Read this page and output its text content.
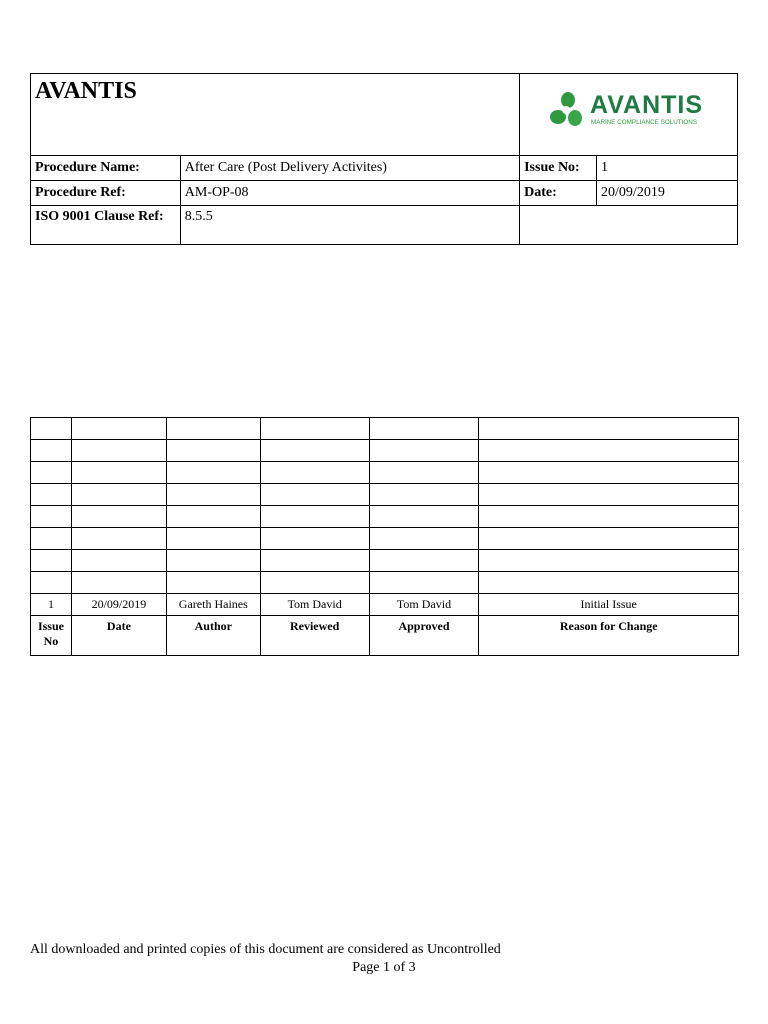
AVANTIS		AVANTIS
MARINE COMPLIANCE SOLUTIONS	

Procedure Name:	After Care (Post Delivery Activites)	Issue No:	1
Procedure Ref:	AM-OP-08	Date:	20/09/2019
ISO 9001 Clause Ref:	8.5.5		

1	20/09/2019	Gareth Haines	Tom David	Tom David	Initial Issue
Issue No	Date	Author	Reviewed	Approved	Reason for Change
All downloaded and printed copies of this document are considered as Uncontrolled
Page 1 of 3
